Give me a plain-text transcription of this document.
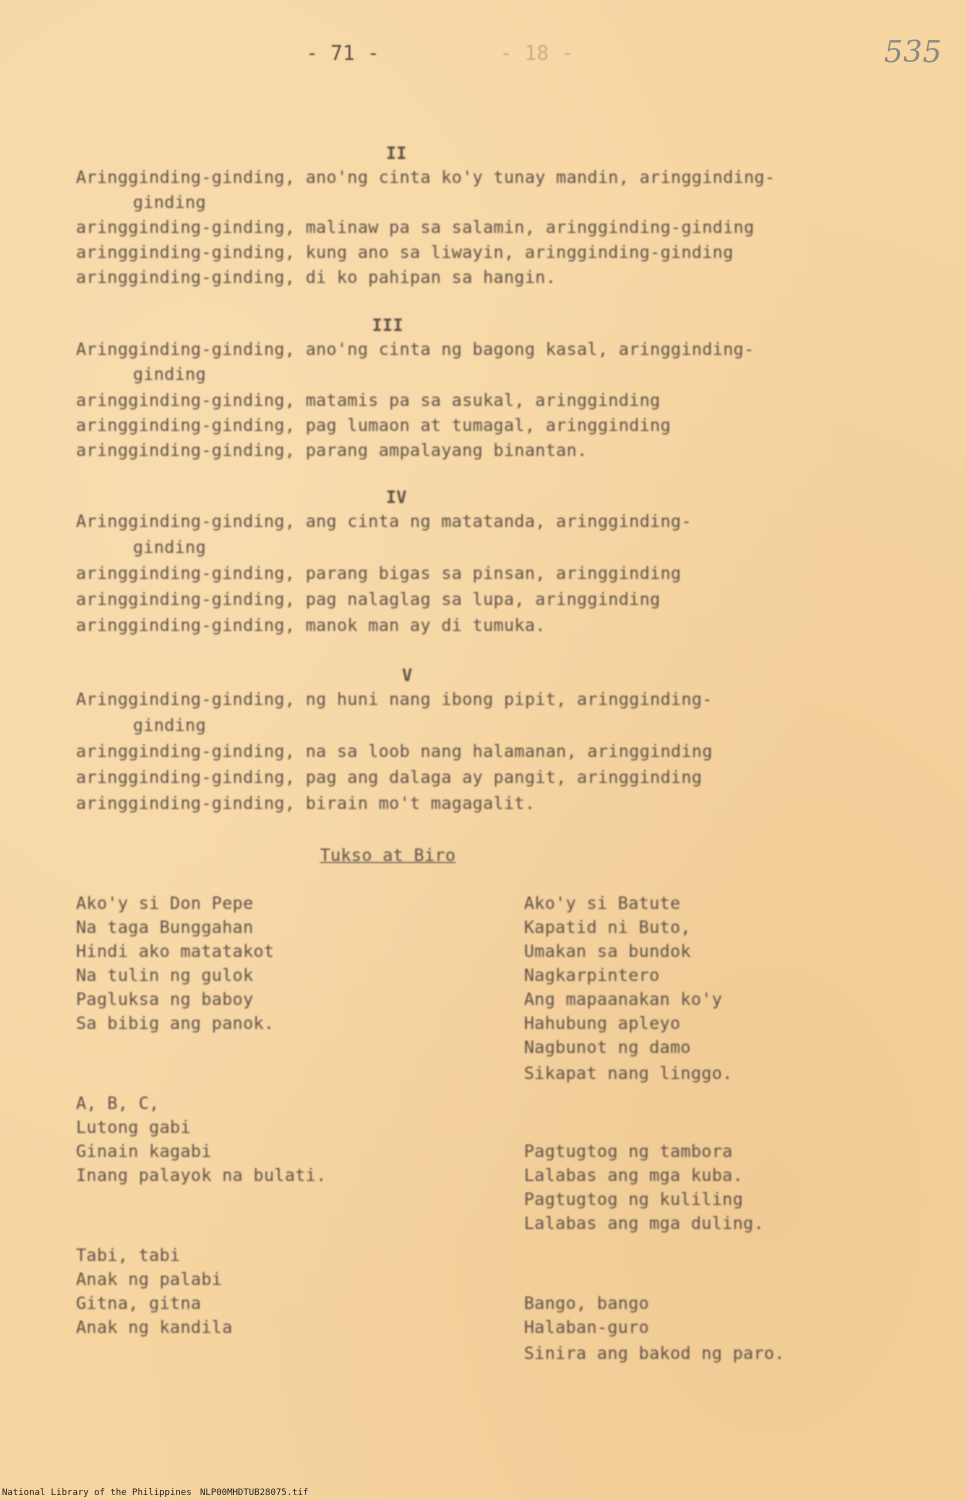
- 71 -	- 18 -	535
II
Aringginding-ginding, ano'ng cinta ko'y tunay mandin, aringginding-
ginding
aringginding-ginding, malinaw pa sa salamin, aringginding-ginding
aringginding-ginding, kung ano sa liwayin, aringginding-ginding
aringginding-ginding, di ko pahipan sa hangin.
III
Aringginding-ginding, ano'ng cinta ng bagong kasal, aringginding-
ginding
aringginding-ginding, matamis pa sa asukal, aringginding
aringginding-ginding, pag lumaon at tumagal, aringginding
aringginding-ginding, parang ampalayang binantan.
IV
Aringginding-ginding, ang cinta ng matatanda, aringginding-
ginding
aringginding-ginding, parang bigas sa pinsan, aringginding
aringginding-ginding, pag nalaglag sa lupa, aringginding
aringginding-ginding, manok man ay di tumuka.
V
Aringginding-ginding, ng huni nang ibong pipit, aringginding-
ginding
aringginding-ginding, na sa loob nang halamanan, aringginding
aringginding-ginding, pag ang dalaga ay pangit, aringginding
aringginding-ginding, birain mo't magagalit.
Tukso at Biro
Ako'y si Don Pepe
Na taga Bunggahan
Hindi ako matatakot
Na tulin ng gulok
Pagluksa ng baboy
Sa bibig ang panok.
A, B, C,
Lutong gabi
Ginain kagabi
Inang palayok na bulati.
Tabi, tabi
Anak ng palabi
Gitna, gitna
Anak ng kandila
Ako'y si Batute
Kapatid ni Buto,
Umakan sa bundok
Nagkarpintero
Ang mapaanakan ko'y
Hahubung apleyo
Nagbunot ng damo
Sikapat nang linggo.
Pagtugtog ng tambora
Lalabas ang mga kuba.
Pagtugtog ng kuliling
Lalabas ang mga duling.
Bango, bango
Halaban-guro
Sinira ang bakod ng paro.
National Library of the Philippines NLP00MHDTUB28075.tif
